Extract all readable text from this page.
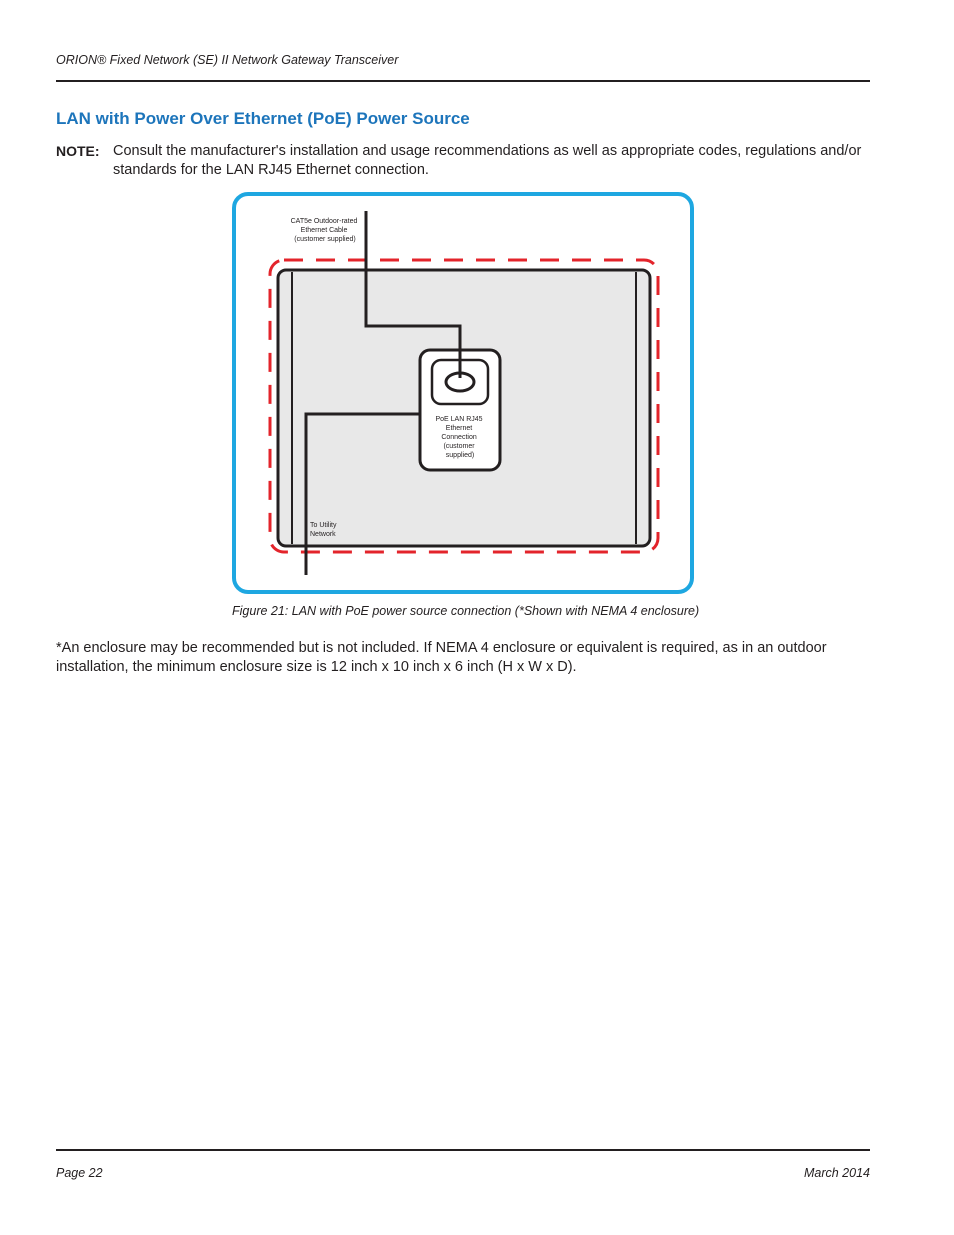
ORION® Fixed Network (SE) II Network Gateway Transceiver
LAN with Power Over Ethernet (PoE) Power Source
NOTE: Consult the manufacturer's installation and usage recommendations as well as appropriate codes, regulations and/or standards for the LAN RJ45 Ethernet connection.
CAT5e Outdoor-rated Ethernet Cable (customer supplied)
PoE LAN RJ45 Ethernet Connection (customer supplied)
To Utility Network
Figure 21: LAN with PoE power source connection (*Shown with NEMA 4 enclosure)
*An enclosure may be recommended but is not included. If NEMA 4 enclosure or equivalent is required, as in an outdoor installation, the minimum enclosure size is 12 inch x 10 inch x 6 inch (H x W x D).
Page 22	March 2014
